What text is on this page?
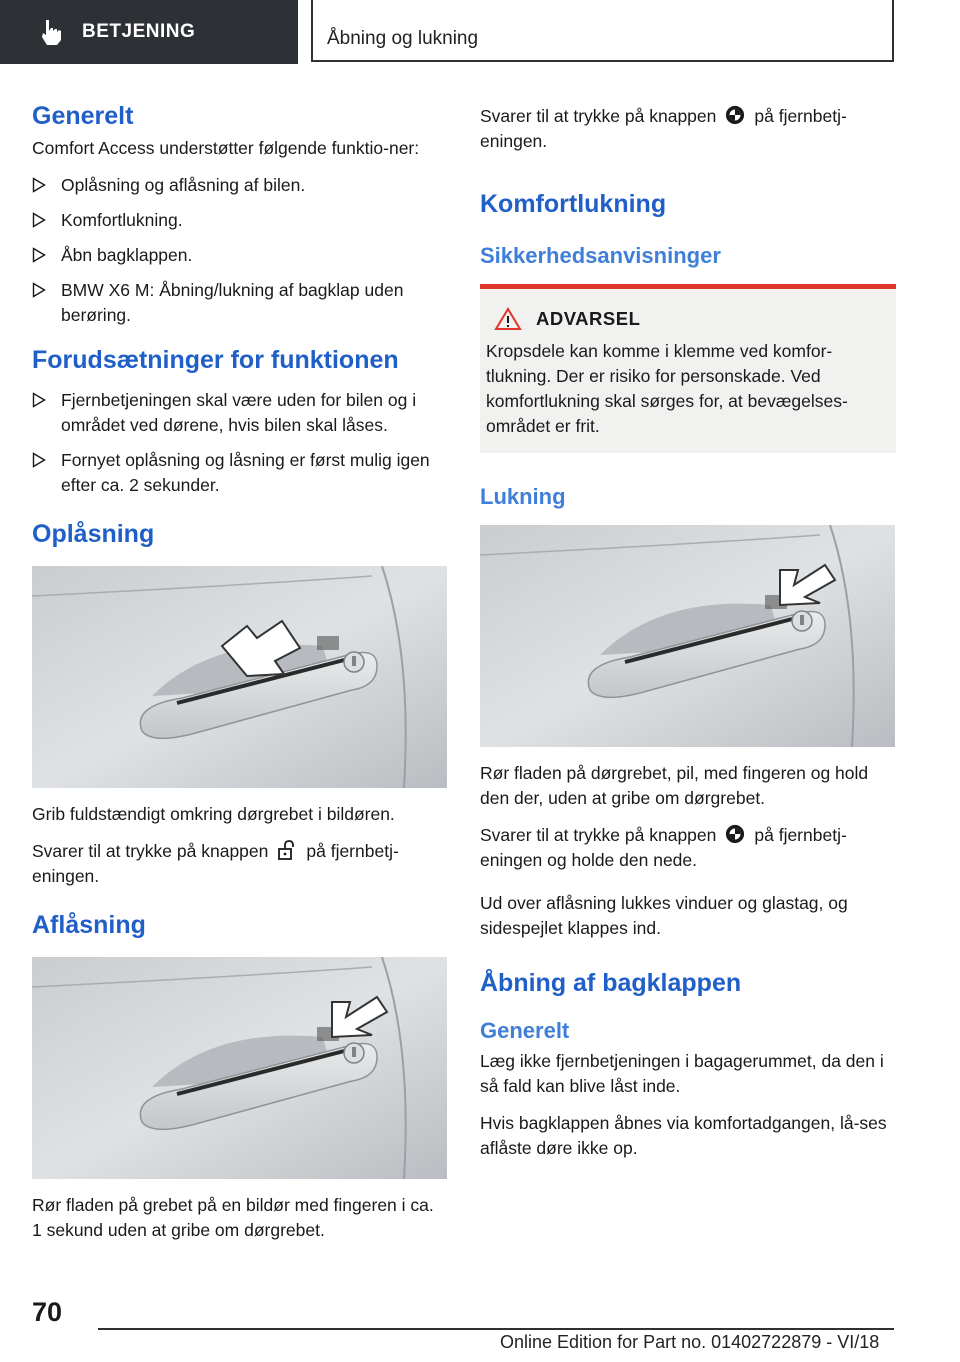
BETJENING	Åbning og lukning
Generelt

Comfort Access understøtter følgende funktio-ner:

Oplåsning og aflåsning af bilen.
Komfortlukning.
Åbn bagklappen.
BMW X6 M: Åbning/lukning af bagklap uden berøring.
Forudsætninger for funktionen
Fjernbetjeningen skal være uden for bilen og i området ved dørene, hvis bilen skal låses.
Fornyet oplåsning og låsning er først mulig igen efter ca. 2 sekunder.
Oplåsning

Grib fuldstændigt omkring dørgrebet i bildøren.

Svarer til at trykke på knappen på fjernbetj-eningen.

Aflåsning

Rør fladen på grebet på en bildør med fingeren i ca. 1 sekund uden at gribe om dørgrebet.

Svarer til at trykke på knappen på fjernbetj-eningen.

Komfortlukning
Sikkerhedsanvisninger
ADVARSEL

Kropsdele kan komme i klemme ved komfor-tlukning. Der er risiko for personskade. Ved komfortlukning skal sørges for, at bevægelses-området er frit.

Lukning

Rør fladen på dørgrebet, pil, med fingeren og hold den der, uden at gribe om dørgrebet.

Svarer til at trykke på knappen på fjernbetj-eningen og holde den nede.

Ud over aflåsning lukkes vinduer og glastag, og sidespejlet klappes ind.

Åbning af bagklappen
Generelt

Læg ikke fjernbetjeningen i bagagerummet, da den i så fald kan blive låst inde.

Hvis bagklappen åbnes via komfortadgangen, lå-ses aflåste døre ikke op.

70
Online Edition for Part no. 01402722879 - VI/18
